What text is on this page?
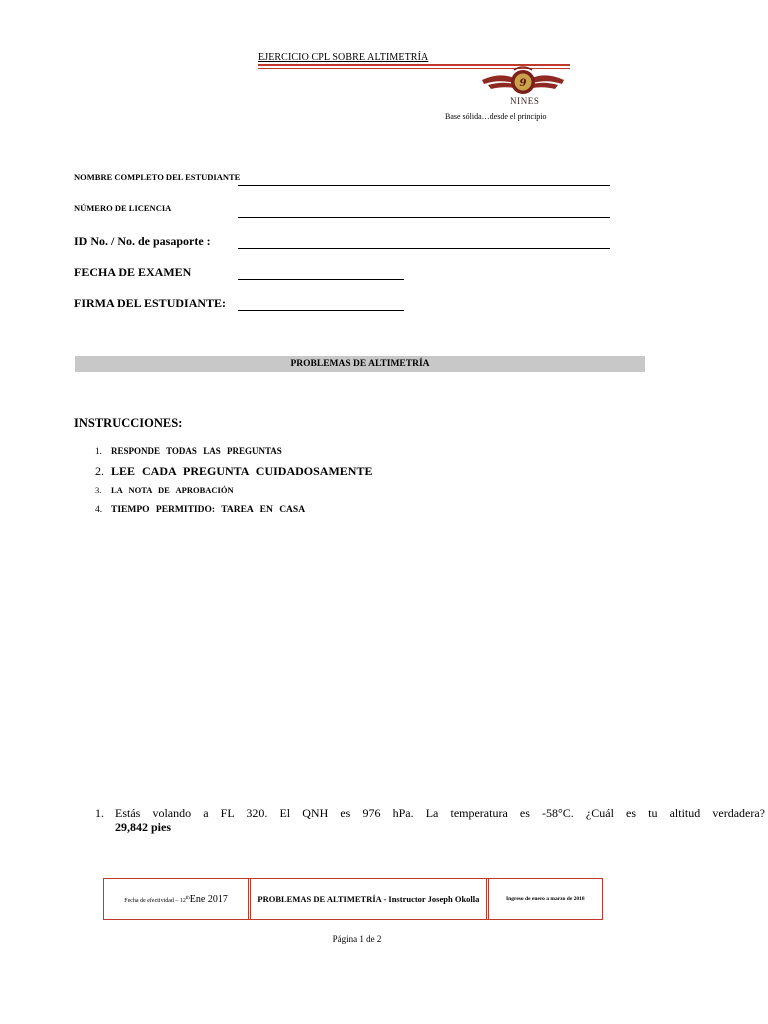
EJERCICIO CPL SOBRE ALTIMETRÍA
9
NINES
Base sólida…desde el principio
NOMBRE COMPLETO DEL ESTUDIANTE
NÚMERO DE LICENCIA
ID No. / No. de pasaporte :
FECHA DE EXAMEN
FIRMA DEL ESTUDIANTE:
PROBLEMAS DE ALTIMETRÍA
INSTRUCCIONES:
1. RESPONDE TODAS LAS PREGUNTAS
2. LEE CADA PREGUNTA CUIDADOSAMENTE
3. LA NOTA DE APROBACIÓN
4. TIEMPO PERMITIDO: TAREA EN CASA
1. Estás volando a FL 320. El QNH es 976 hPa. La temperatura es -58°C. ¿Cuál es tu altitud verdadera?
29,842 pies
Fecha de efectividad – 12thEne 2017	PROBLEMAS DE ALTIMETRÍA - Instructor Joseph Okolla	Ingreso de enero a marzo de 2018
Página 1 de 2
